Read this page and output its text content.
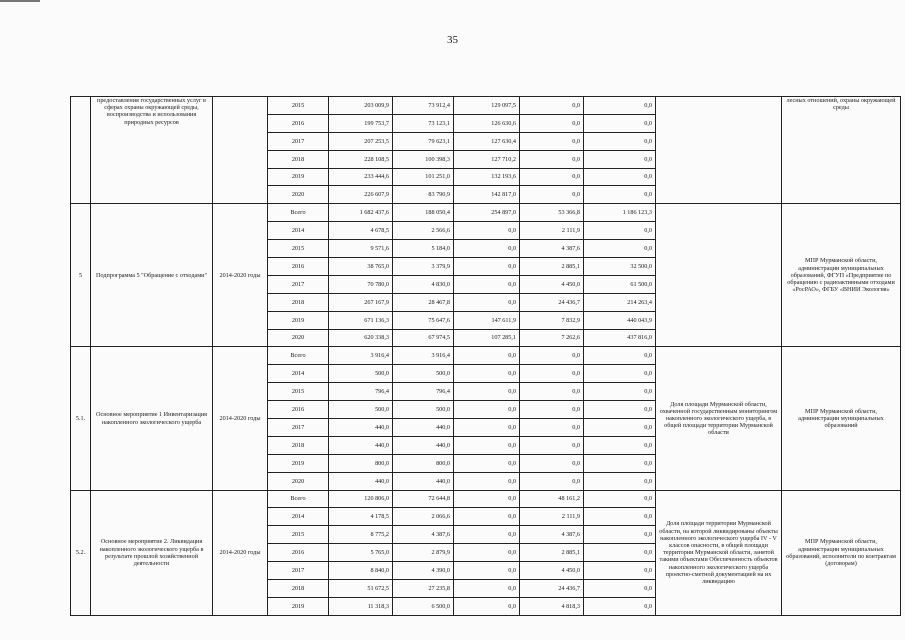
35
	предоставления государственных услуг в сферах охраны окружающей среды, воспроизводства и использования природных ресурсов		2015	203 009,9	73 912,4	129 097,5	0,0	0,0		лесных отношений, охраны окружающей среды
			2016	199 753,7	73 123,1	126 630,6	0,0	0,0		
			2017	207 253,5	79 623,1	127 630,4	0,0	0,0		
			2018	228 108,5	100 398,3	127 710,2	0,0	0,0		
			2019	233 444,6	101 251,0	132 193,6	0,0	0,0		
			2020	226 607,9	83 790,9	142 817,0	0,0	0,0		
5	Подпрограмма 5 "Обращение с отходами"	2014-2020 годы	Всего	1 682 437,6	188 050,4	254 897,0	53 366,8	1 186 123,3		МПР Мурманской области, администрации муниципальных образований, ФГУП «Предприятие по обращению с радиоактивными отходами «РосРАО», ФГБУ «ВНИИ Экология»
			2014	4 678,5	2 566,6	0,0	2 111,9	0,0		
			2015	9 571,6	5 184,0	0,0	4 387,6	0,0		
			2016	38 765,0	3 379,9	0,0	2 885,1	32 500,0		
			2017	70 780,0	4 830,0	0,0	4 450,0	61 500,0		
			2018	267 167,9	28 467,8	0,0	24 436,7	214 263,4		
			2019	671 136,3	75 647,6	147 611,9	7 832,9	440 043,9		
			2020	620 338,3	67 974,5	107 285,1	7 262,6	437 816,0		
5.1.	Основное мероприятие 1 Инвентаризация накопленного экологического ущерба	2014-2020 годы	Всего	3 916,4	3 916,4	0,0	0,0	0,0	Доля площади Мурманской области, охваченной государственным мониторингом накопленного экологического ущерба, в общей площади территории Мурманской области	МПР Мурманской области, администрации муниципальных образований
			2014	500,0	500,0	0,0	0,0	0,0		
			2015	796,4	796,4	0,0	0,0	0,0		
			2016	500,0	500,0	0,0	0,0	0,0		
			2017	440,0	440,0	0,0	0,0	0,0		
			2018	440,0	440,0	0,0	0,0	0,0		
			2019	800,0	800,0	0,0	0,0	0,0		
			2020	440,0	440,0	0,0	0,0	0,0		
5.2.	Основное мероприятие 2. Ликвидация накопленного экологического ущерба в результате прошлой хозяйственной деятельности	2014-2020 годы	Всего	120 806,0	72 644,8	0,0	48 161,2	0,0	Доля площади территории Мурманской области, на которой ликвидированы объекты накопленного экологического ущерба IV - V классов опасности, в общей площади территории Мурманской области, занятой такими объектами Обеспеченность объектов накопленного экологического ущерба проектно-сметной документацией на их ликвидацию	МПР Мурманской области, администрации муниципальных образований, исполнители по контрактам (договорам)
			2014	4 178,5	2 066,6	0,0	2 111,9	0,0		
			2015	8 775,2	4 387,6	0,0	4 387,6	0,0		
			2016	5 765,0	2 879,9	0,0	2 885,1	0,0		
			2017	8 840,0	4 390,0	0,0	4 450,0	0,0		
			2018	51 672,5	27 235,8	0,0	24 436,7	0,0		
			2019	11 318,3	6 500,0	0,0	4 818,3	0,0		
